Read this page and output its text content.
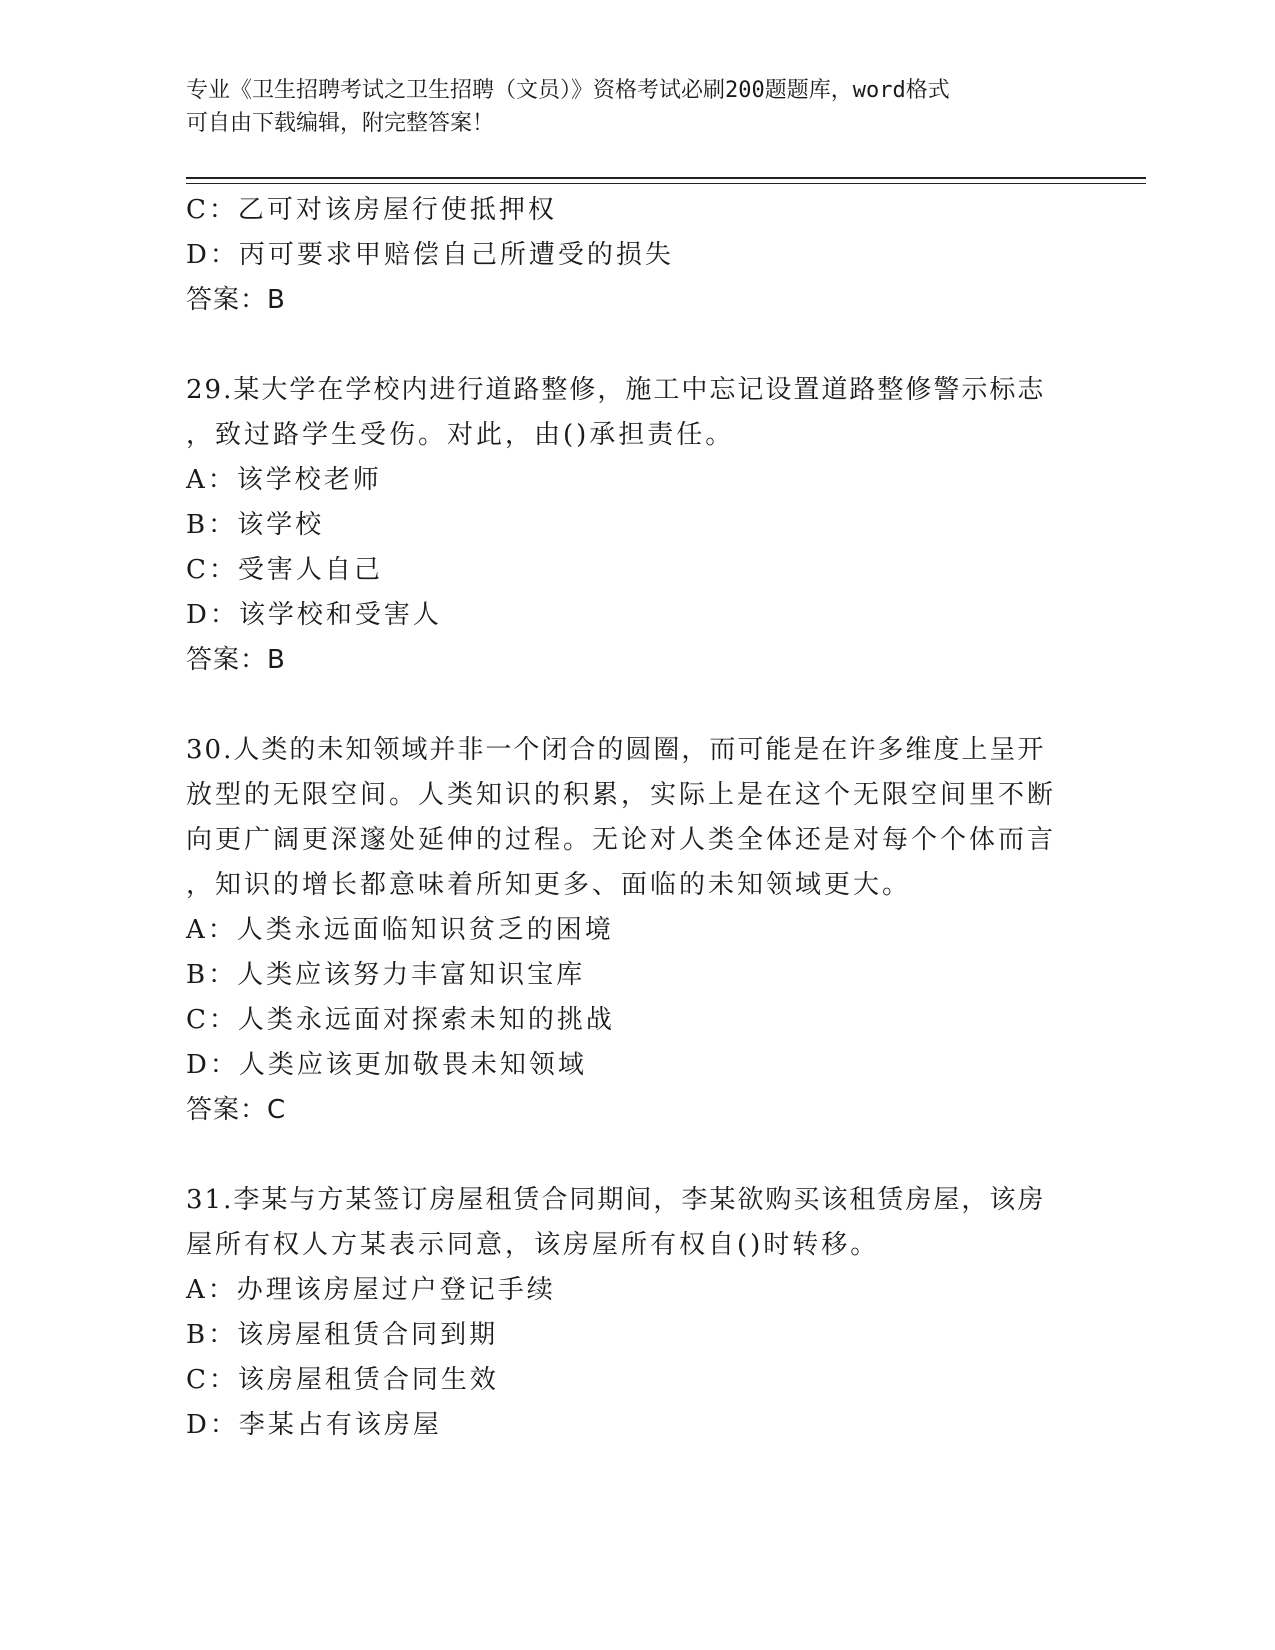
专业《卫生招聘考试之卫生招聘（文员）》资格考试必刷200题题库，word格式
可自由下载编辑，附完整答案！
C：乙可对该房屋行使抵押权
D：丙可要求甲赔偿自己所遭受的损失
答案：B
29.某大学在学校内进行道路整修，施工中忘记设置道路整修警示标志
，致过路学生受伤。对此，由()承担责任。
A：该学校老师
B：该学校
C：受害人自己
D：该学校和受害人
答案：B
30.人类的未知领域并非一个闭合的圆圈，而可能是在许多维度上呈开
放型的无限空间。人类知识的积累，实际上是在这个无限空间里不断
向更广阔更深邃处延伸的过程。无论对人类全体还是对每个个体而言
，知识的增长都意味着所知更多、面临的未知领域更大。
A：人类永远面临知识贫乏的困境
B：人类应该努力丰富知识宝库
C：人类永远面对探索未知的挑战
D：人类应该更加敬畏未知领域
答案：C
31.李某与方某签订房屋租赁合同期间，李某欲购买该租赁房屋，该房
屋所有权人方某表示同意，该房屋所有权自()时转移。
A：办理该房屋过户登记手续
B：该房屋租赁合同到期
C：该房屋租赁合同生效
D：李某占有该房屋
